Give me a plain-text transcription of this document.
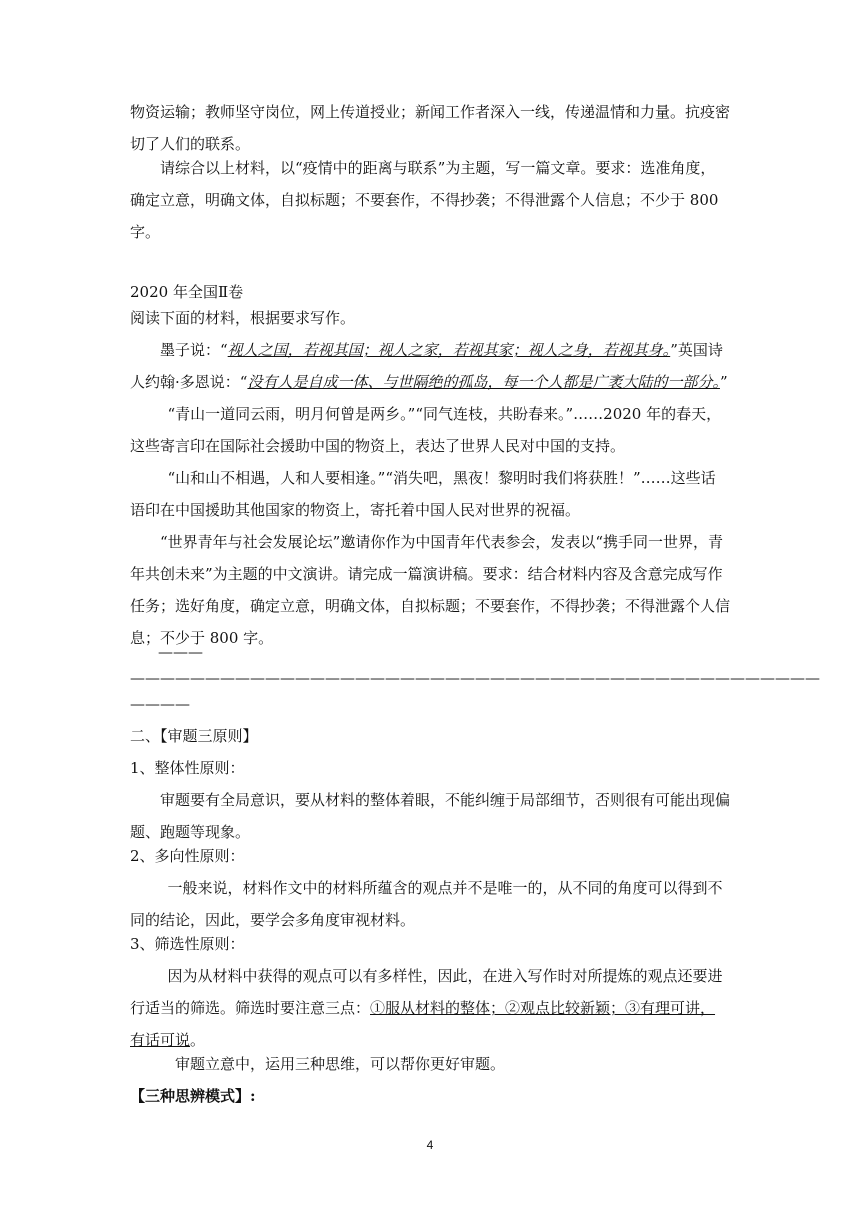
物资运输；教师坚守岗位，网上传道授业；新闻工作者深入一线，传递温情和力量。抗疫密
切了人们的联系。

请综合以上材料，以“疫情中的距离与联系”为主题，写一篇文章。要求：选准角度，确定立意，明确文体，自拟标题；不要套作，不得抄袭；不得泄露个人信息；不少于 800 字。

2020 年全国Ⅱ卷

阅读下面的材料，根据要求写作。

墨子说：“视人之国，若视其国；视人之家，若视其家；视人之身，若视其身。”英国诗人约翰·多恩说：“没有人是自成一体、与世隔绝的孤岛，每一个人都是广袤大陆的一部分。”

“青山一道同云雨，明月何曾是两乡。”“同气连枝，共盼春来。”……2020 年的春天，这些寄言印在国际社会援助中国的物资上，表达了世界人民对中国的支持。

“山和山不相遇，人和人要相逢。”“消失吧，黑夜！黎明时我们将获胜！”……这些话语印在中国援助其他国家的物资上，寄托着中国人民对世界的祝福。

“世界青年与社会发展论坛”邀请你作为中国青年代表参会，发表以“携手同一世界，青年共创未来”为主题的中文演讲。请完成一篇演讲稿。要求：结合材料内容及含意完成写作任务；选好角度，确定立意，明确文体，自拟标题；不要套作，不得抄袭；不得泄露个人信息；不少于 800 字。

———
——————————————————————————————————————————————
————

二、【审题三原则】

1、整体性原则：

审题要有全局意识，要从材料的整体着眼，不能纠缠于局部细节，否则很有可能出现偏题、跑题等现象。

2、多向性原则：

一般来说，材料作文中的材料所蕴含的观点并不是唯一的，从不同的角度可以得到不同的结论，因此，要学会多角度审视材料。

3、筛选性原则：

因为从材料中获得的观点可以有多样性，因此，在进入写作时对所提炼的观点还要进行适当的筛选。筛选时要注意三点：①服从材料的整体；②观点比较新颖；③有理可讲，有话可说。

审题立意中，运用三种思维，可以帮你更好审题。

【三种思辨模式】:

4
